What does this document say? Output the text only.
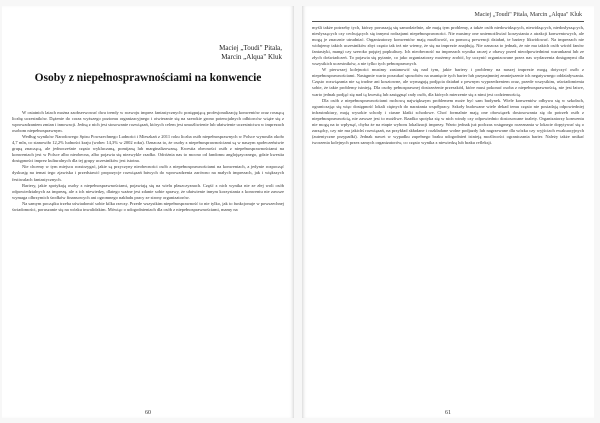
Maciej „Toudi" Pitala,
Marcin „Alqua" Kluk
Osoby z niepełnosprawnościami na konwencie

W ostatnich latach można zaobserwować dwa trendy w rozwoju imprez fantastycznych: postępującą profesjonalizację konwentów oraz rosnącą liczbę uczestników. Dążenie do coraz wyższego poziomu organizacyjnego i otwieranie się na szerokie grono potencjalnych odbiorców wiąże się z wprowadzaniem zmian i innowacji. Jedną z nich jest stosowanie rozwiązań, których celem jest umożliwienie lub ułatwienie uczestnictwa w imprezach osobom niepełnosprawnym.

Według wyników Narodowego Spisu Powszechnego Ludności i Mieszkań z 2011 roku liczba osób niepełnosprawnych w Polsce wynosiła około 4,7 mln, co stanowiło 12,2% ludności kraju (wobec 14,3% w 2002 roku). Oznacza to, że osoby z niepełnosprawnościami są w naszym społeczeństwie grupą znaczącą, ale jednocześnie często wykluczaną, pomijaną lub marginalizowaną. Kwestia obecności osób z niepełnosprawnościami na konwentach jest w Polsce albo nieobecna, albo pojawia się niezwykle rzadko. Odróżnia nas to mocno od fandomu anglojęzycznego, gdzie kwestia dostępności imprez kulturalnych dla tej grupy uczestników jest istotna.

Nie chcemy w tym miejscu rozstrzygać, jakie są przyczyny nieobecności osób z niepełnosprawnościami na konwentach, a jedynie rozpocząć dyskusję na temat tego zjawiska i przedstawić propozycje rozwiązań łatwych do wprowadzenia zarówno na małych imprezach, jak i większych festiwalach fantastycznych.

Bariery, jakie spotykają osoby z niepełnosprawnościami, pojawiają się na wielu płaszczyznach. Część z nich wynika nie ze złej woli osób odpowiedzialnych za imprezę, ale z ich niewiedzy, dlatego ważne jest zdanie sobie sprawy, że ułatwienie innym korzystania z konwentu nie zawsze wymaga olbrzymich środków finansowych ani ogromnego nakładu pracy ze strony organizatorów.

Na samym początku trzeba uświadomić sobie kilka rzeczy. Przede wszystkim niepełnosprawność to nie tylko, jak to funkcjonuje w powszechnej świadomości, poruszanie się na wózku inwalidzkim. Mówiąc o udogodnieniach dla osób z niepełnosprawnościami, mamy na

60
Maciej „Toudi" Pitala, Marcin „Alqua" Kluk

myśli także potrzeby tych, którzy poruszają się samodzielnie, ale mają tym problemy, a także osób niedowidzących, niewidzących, niedosłyszących, niesłyszących czy cechujących się innymi rodzajami niepełnosprawności. Nie musimy one uniemożliwiać korzystania z atrakcji konwentowych, ale mogą je znacznie utrudniać. Organizatorzy konwentów mają możliwość, za pomocą prewencji działań, te bariery likwidować. Na imprezach nie widujemy takich uczestników zbyt często tak też nie wiemy, że się na imprezie znajdują. Nie oznacza to jednak, że nie ma takich osób wśród fanów fantastyki, mangi czy szeroko pojętej popkultury. Ich nieobecność na imprezach wynika raczej z obawy przed nieodpowiednimi warunkami lub ze złych doświadczeń. To pojawia się pytanie, co jako organizatorzy możemy zrobić, by uczynić organizowane przez nas wydarzenia dostępnymi dla wszystkich uczestników, a nie tylko tych pełnosprawnych.

W pierwszej kolejności musimy zastanowić się nad tym, jakie bariery i problemy na naszej imprezie mogą dotyczyć osób z niepełnosprawnościami. Następnie warto poszukać sposobów na usunięcie tych barier lub przynajmniej zmniejszenie ich negatywnego oddziaływania. Często rozwiązania nie są trudne ani kosztowne, ale wymagają podjęcia działań z pewnym wyprzedzeniem oraz, przede wszystkim, uświadomienia sobie, że takie problemy istnieją. Dla osoby pełnosprawnej dostrzeżenie przeszkód, które musi pokonać osoba z niepełnosprawnością, nie jest łatwe, warto jednak podjąć się nad tą kwestią lub zasięgnąć rady osób, dla których mierzenie się z nimi jest codziennością.

Dla osób z niepełnosprawnościami ruchową największym problemem może być sam budynek. Wiele konwentów odbywa się w szkołach, ograniczając się więc dostępność lokali ciętnych do narażania współpracy. Szkoły budowane wiele dekad temu często nie posiadają odpowiedniej infrastruktury, mają wysokie schody i ciasne klatki schodowe. Choć formalnie mają one obowiązek dostosowania się do potrzeb osób z niepełnosprawnością, nie zawsze jest to możliwe. Rzadko spotyka się w nich windy czy odpowiednio dostosowane toalety. Organizatorzy konwentu nie mogą na to wpłynąć, chyba że na etapie wyboru lokalizacji imprezy. Warto jednak już podczas wstępnego rozeznania w lokacie dopytywać się o zarządcy, czy nie ma jakichś rozwiązań, na przykład składane i rozkładane wolne podjazdy lub nagrzewane dla wózka czy wyjściach ewakuacyjnych (autentyczne przypadki). Jednak nawet w wypadku zupełnego braku udogodnień istnieją możliwości ograniczania barier. Należy także unikać tworzenia kolejnych przez samych organizatorów, co często wynika z niewiedzą lub braku refleksji.

61
